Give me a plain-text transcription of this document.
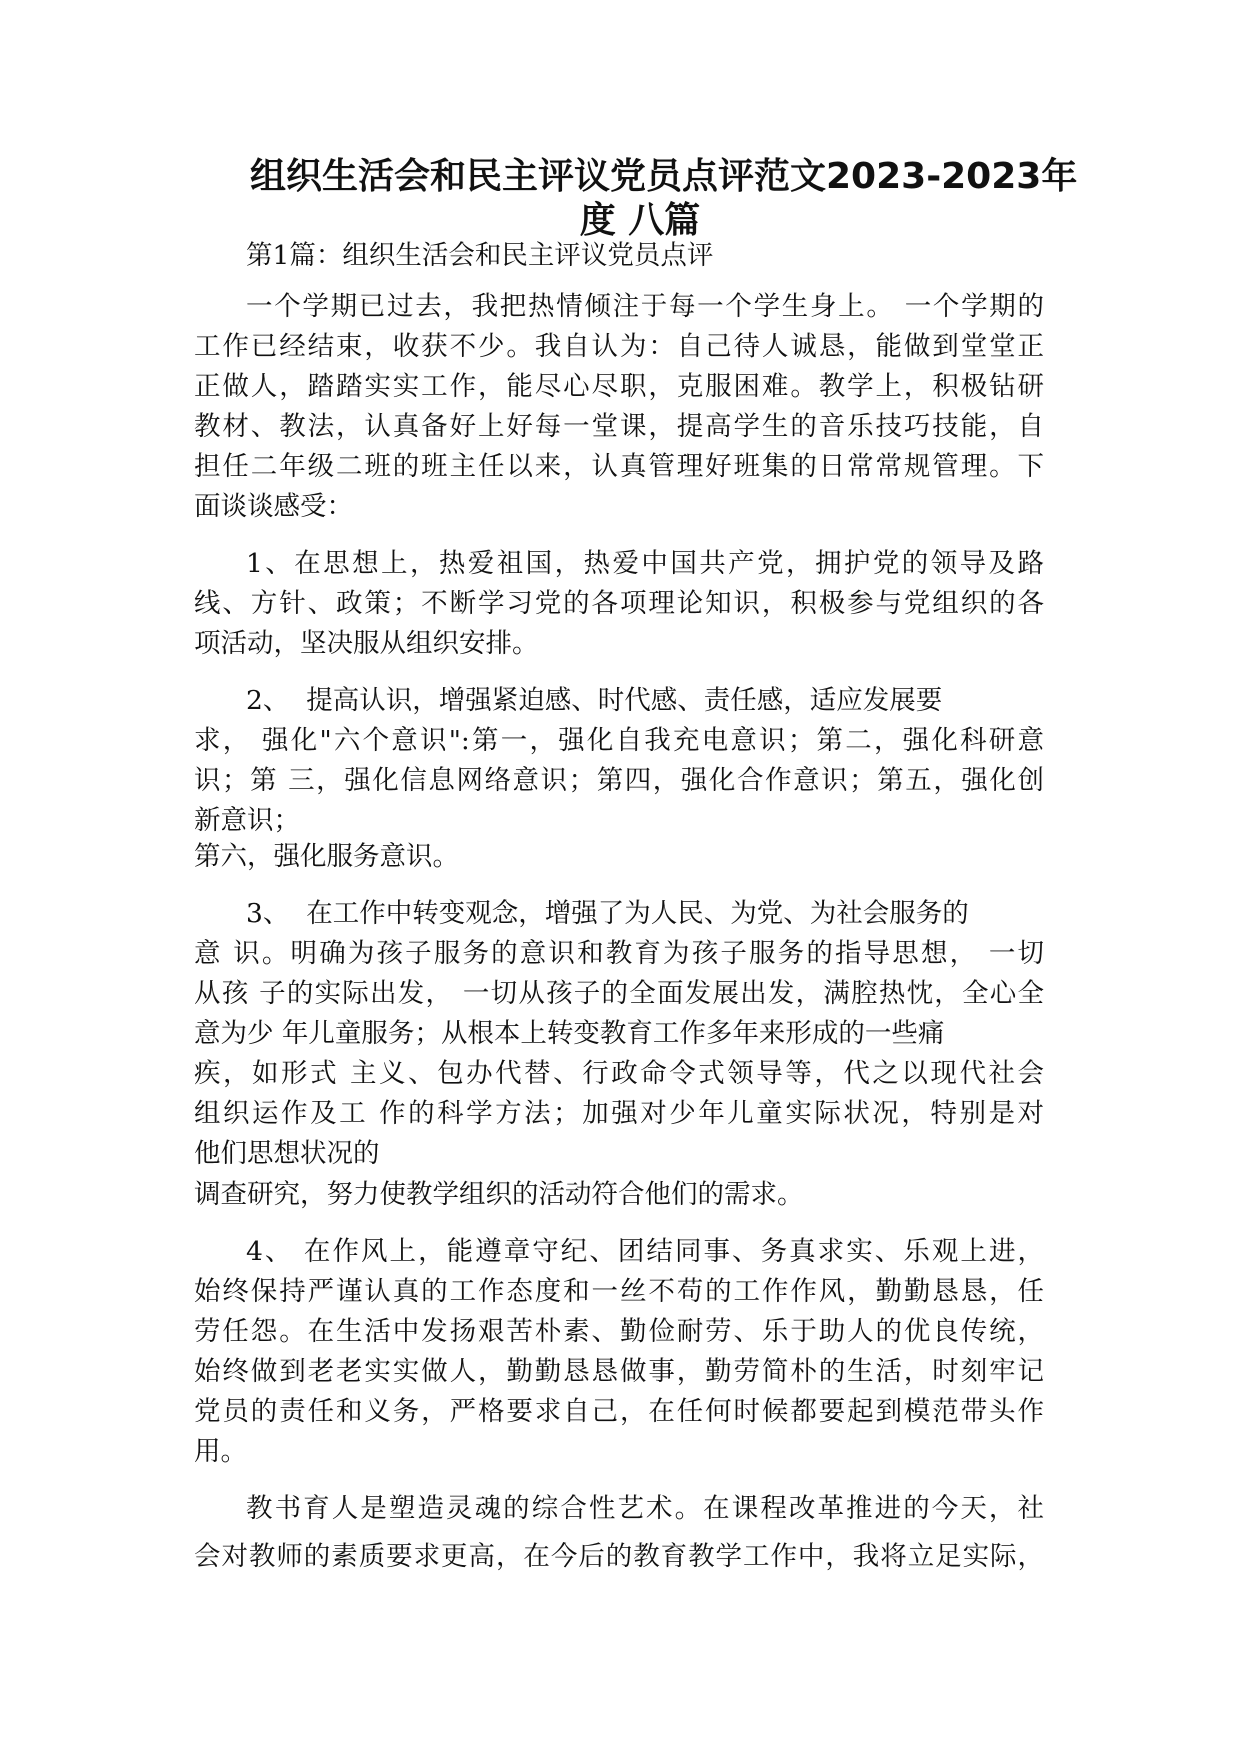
组织生活会和民主评议党员点评范文2023-2023年
度 八篇
第1篇：组织生活会和民主评议党员点评
一个学期已过去，我把热情倾注于每一个学生身上。 一个学期的
工作已经结束，收获不少。我自认为：自己待人诚恳，能做到堂堂正
正做人，踏踏实实工作，能尽心尽职，克服困难。教学上，积极钻研
教材、教法，认真备好上好每一堂课，提高学生的音乐技巧技能，自
担任二年级二班的班主任以来，认真管理好班集的日常常规管理。下
面谈谈感受：
1、在思想上，热爱祖国，热爱中国共产党，拥护党的领导及路
线、方针、政策；不断学习党的各项理论知识，积极参与党组织的各
项活动，坚决服从组织安排。
2、  提高认识，增强紧迫感、时代感、责任感，适应发展要
求， 强化"六个意识":第一，强化自我充电意识；第二，强化科研意
识；第 三，强化信息网络意识；第四，强化合作意识；第五，强化创
新意识；
第六，强化服务意识。
3、  在工作中转变观念，增强了为人民、为党、为社会服务的
意 识。明确为孩子服务的意识和教育为孩子服务的指导思想， 一切
从孩 子的实际出发， 一切从孩子的全面发展出发，满腔热忱，全心全
意为少 年儿童服务；从根本上转变教育工作多年来形成的一些痛
疾，如形式 主义、包办代替、行政命令式领导等，代之以现代社会
组织运作及工 作的科学方法；加强对少年儿童实际状况，特别是对
他们思想状况的
调查研究，努力使教学组织的活动符合他们的需求。
4、 在作风上，能遵章守纪、团结同事、务真求实、乐观上进，
始终保持严谨认真的工作态度和一丝不苟的工作作风，勤勤恳恳，任
劳任怨。在生活中发扬艰苦朴素、勤俭耐劳、乐于助人的优良传统，
始终做到老老实实做人，勤勤恳恳做事，勤劳简朴的生活，时刻牢记
党员的责任和义务，严格要求自己，在任何时候都要起到模范带头作
用。
教书育人是塑造灵魂的综合性艺术。在课程改革推进的今天，社
会对教师的素质要求更高，在今后的教育教学工作中，我将立足实际，
